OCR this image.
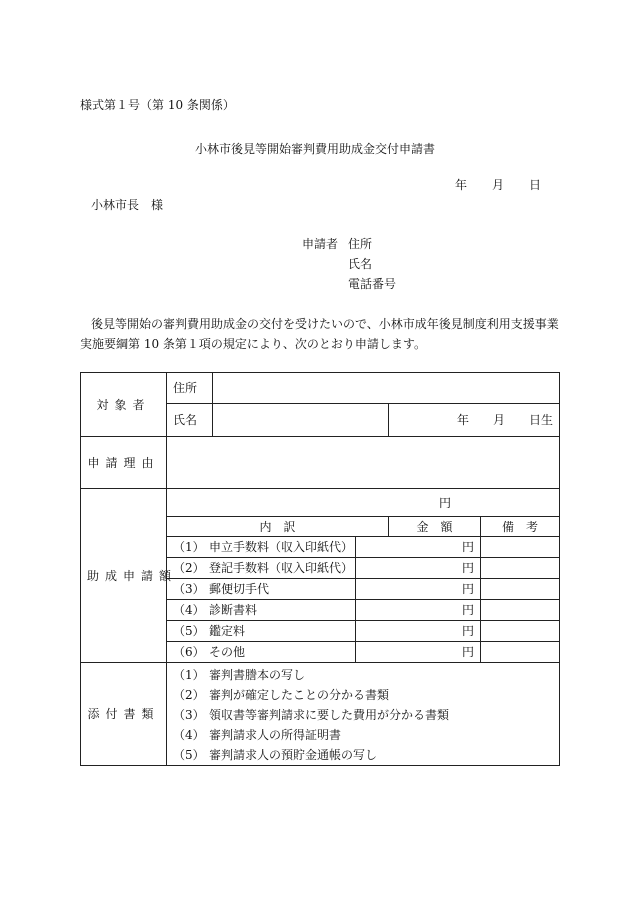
様式第１号（第 10 条関係）
小林市後見等開始審判費用助成金交付申請書
年 月 日
小林市長　様
申請者 住所
氏名
電話番号
後見等開始の審判費用助成金の交付を受けたいので、小林市成年後見制度利用支援事業
実施要綱第 10 条第１項の規定により、次のとおり申請します。
対象者	住所				
	氏名			年 月 日生	
申請理由					
助成申請額	円				
	内　訳			金　額	備　考
	（1） 申立手数料（収入印紙代）		円		
	（2） 登記手数料（収入印紙代）		円		
	（3） 郵便切手代		円		
	（4） 診断書料		円		
	（5） 鑑定料		円		
	（6） その他		円		
添付書類	（1） 審判書謄本の写し
（2） 審判が確定したことの分かる書類
（3） 領収書等審判請求に要した費用が分かる書類
（4） 審判請求人の所得証明書
（5） 審判請求人の預貯金通帳の写し				
